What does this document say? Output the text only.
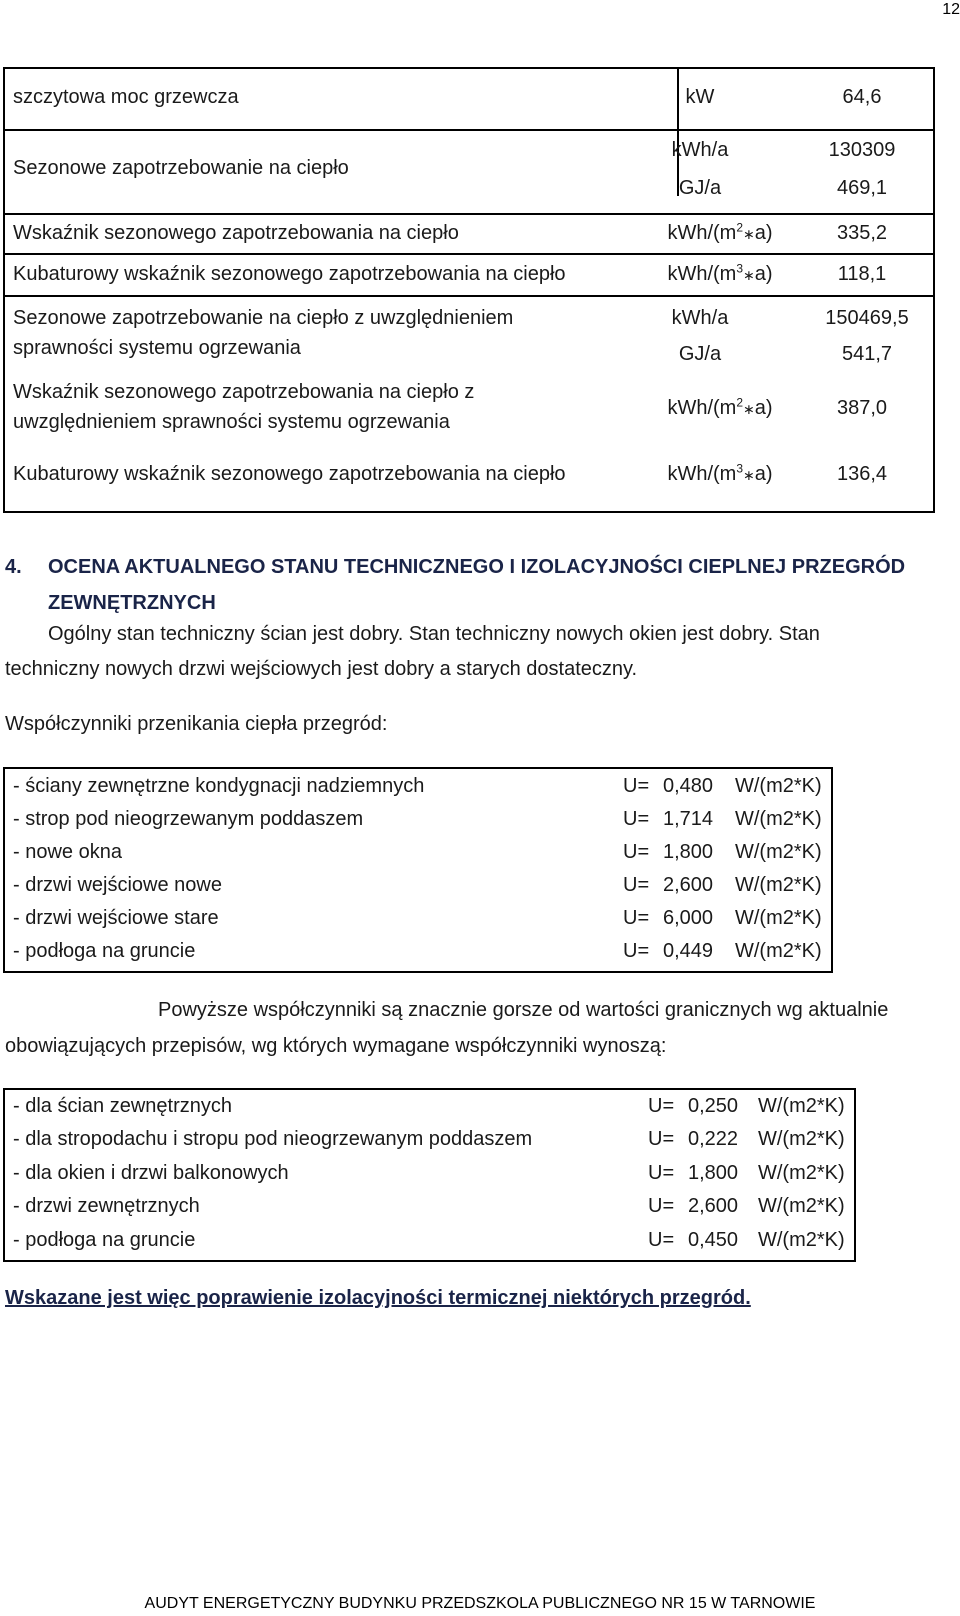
12
szczytowa moc grzewcza	kW	64,6
Sezonowe zapotrzebowanie na ciepło
kWh/a	130309
GJ/a	469,1
Wskaźnik sezonowego zapotrzebowania na ciepło	kWh/$(m^2∗a)$	335,2
Kubaturowy wskaźnik sezonowego zapotrzebowania na ciepło	kWh/$(m^3∗a)$	118,1
Sezonowe zapotrzebowanie na ciepło z uwzględnieniem
sprawności systemu ogrzewania
kWh/a	150469,5
GJ/a	541,7
Wskaźnik sezonowego zapotrzebowania na ciepło z
uwzględnieniem sprawności systemu ogrzewania
kWh/$(m^2∗a)$	387,0
Kubaturowy wskaźnik sezonowego zapotrzebowania na ciepło	kWh/$(m^3∗a)$	136,4
4. OCENA AKTUALNEGO STANU TECHNICZNEGO I IZOLACYJNOŚCI CIEPLNEJ PRZEGRÓD ZEWNĘTRZNYCH
Ogólny stan techniczny ścian jest dobry. Stan techniczny nowych okien jest dobry. Stan
techniczny nowych drzwi wejściowych jest dobry a starych dostateczny.
Współczynniki przenikania ciepła przegród:
- ściany zewnętrzne kondygnacji nadziemnych	U= 0,480 W/(m2*K)
- strop pod nieogrzewanym poddaszem	U= 1,714 W/(m2*K)
- nowe okna	U= 1,800 W/(m2*K)
- drzwi wejściowe nowe	U= 2,600 W/(m2*K)
- drzwi wejściowe stare	U= 6,000 W/(m2*K)
- podłoga na gruncie	U= 0,449 W/(m2*K)
Powyższe współczynniki są znacznie gorsze od wartości granicznych wg aktualnie
obowiązujących przepisów, wg których wymagane współczynniki wynoszą:
- dla ścian zewnętrznych	U= 0,250 W/(m2*K)
- dla stropodachu i stropu pod nieogrzewanym poddaszem	U= 0,222 W/(m2*K)
- dla okien i drzwi balkonowych	U= 1,800 W/(m2*K)
- drzwi zewnętrznych	U= 2,600 W/(m2*K)
- podłoga na gruncie	U= 0,450 W/(m2*K)
Wskazane jest więc poprawienie izolacyjności termicznej niektórych przegród.
AUDYT ENERGETYCZNY BUDYNKU PRZEDSZKOLA PUBLICZNEGO NR 15 W TARNOWIE
